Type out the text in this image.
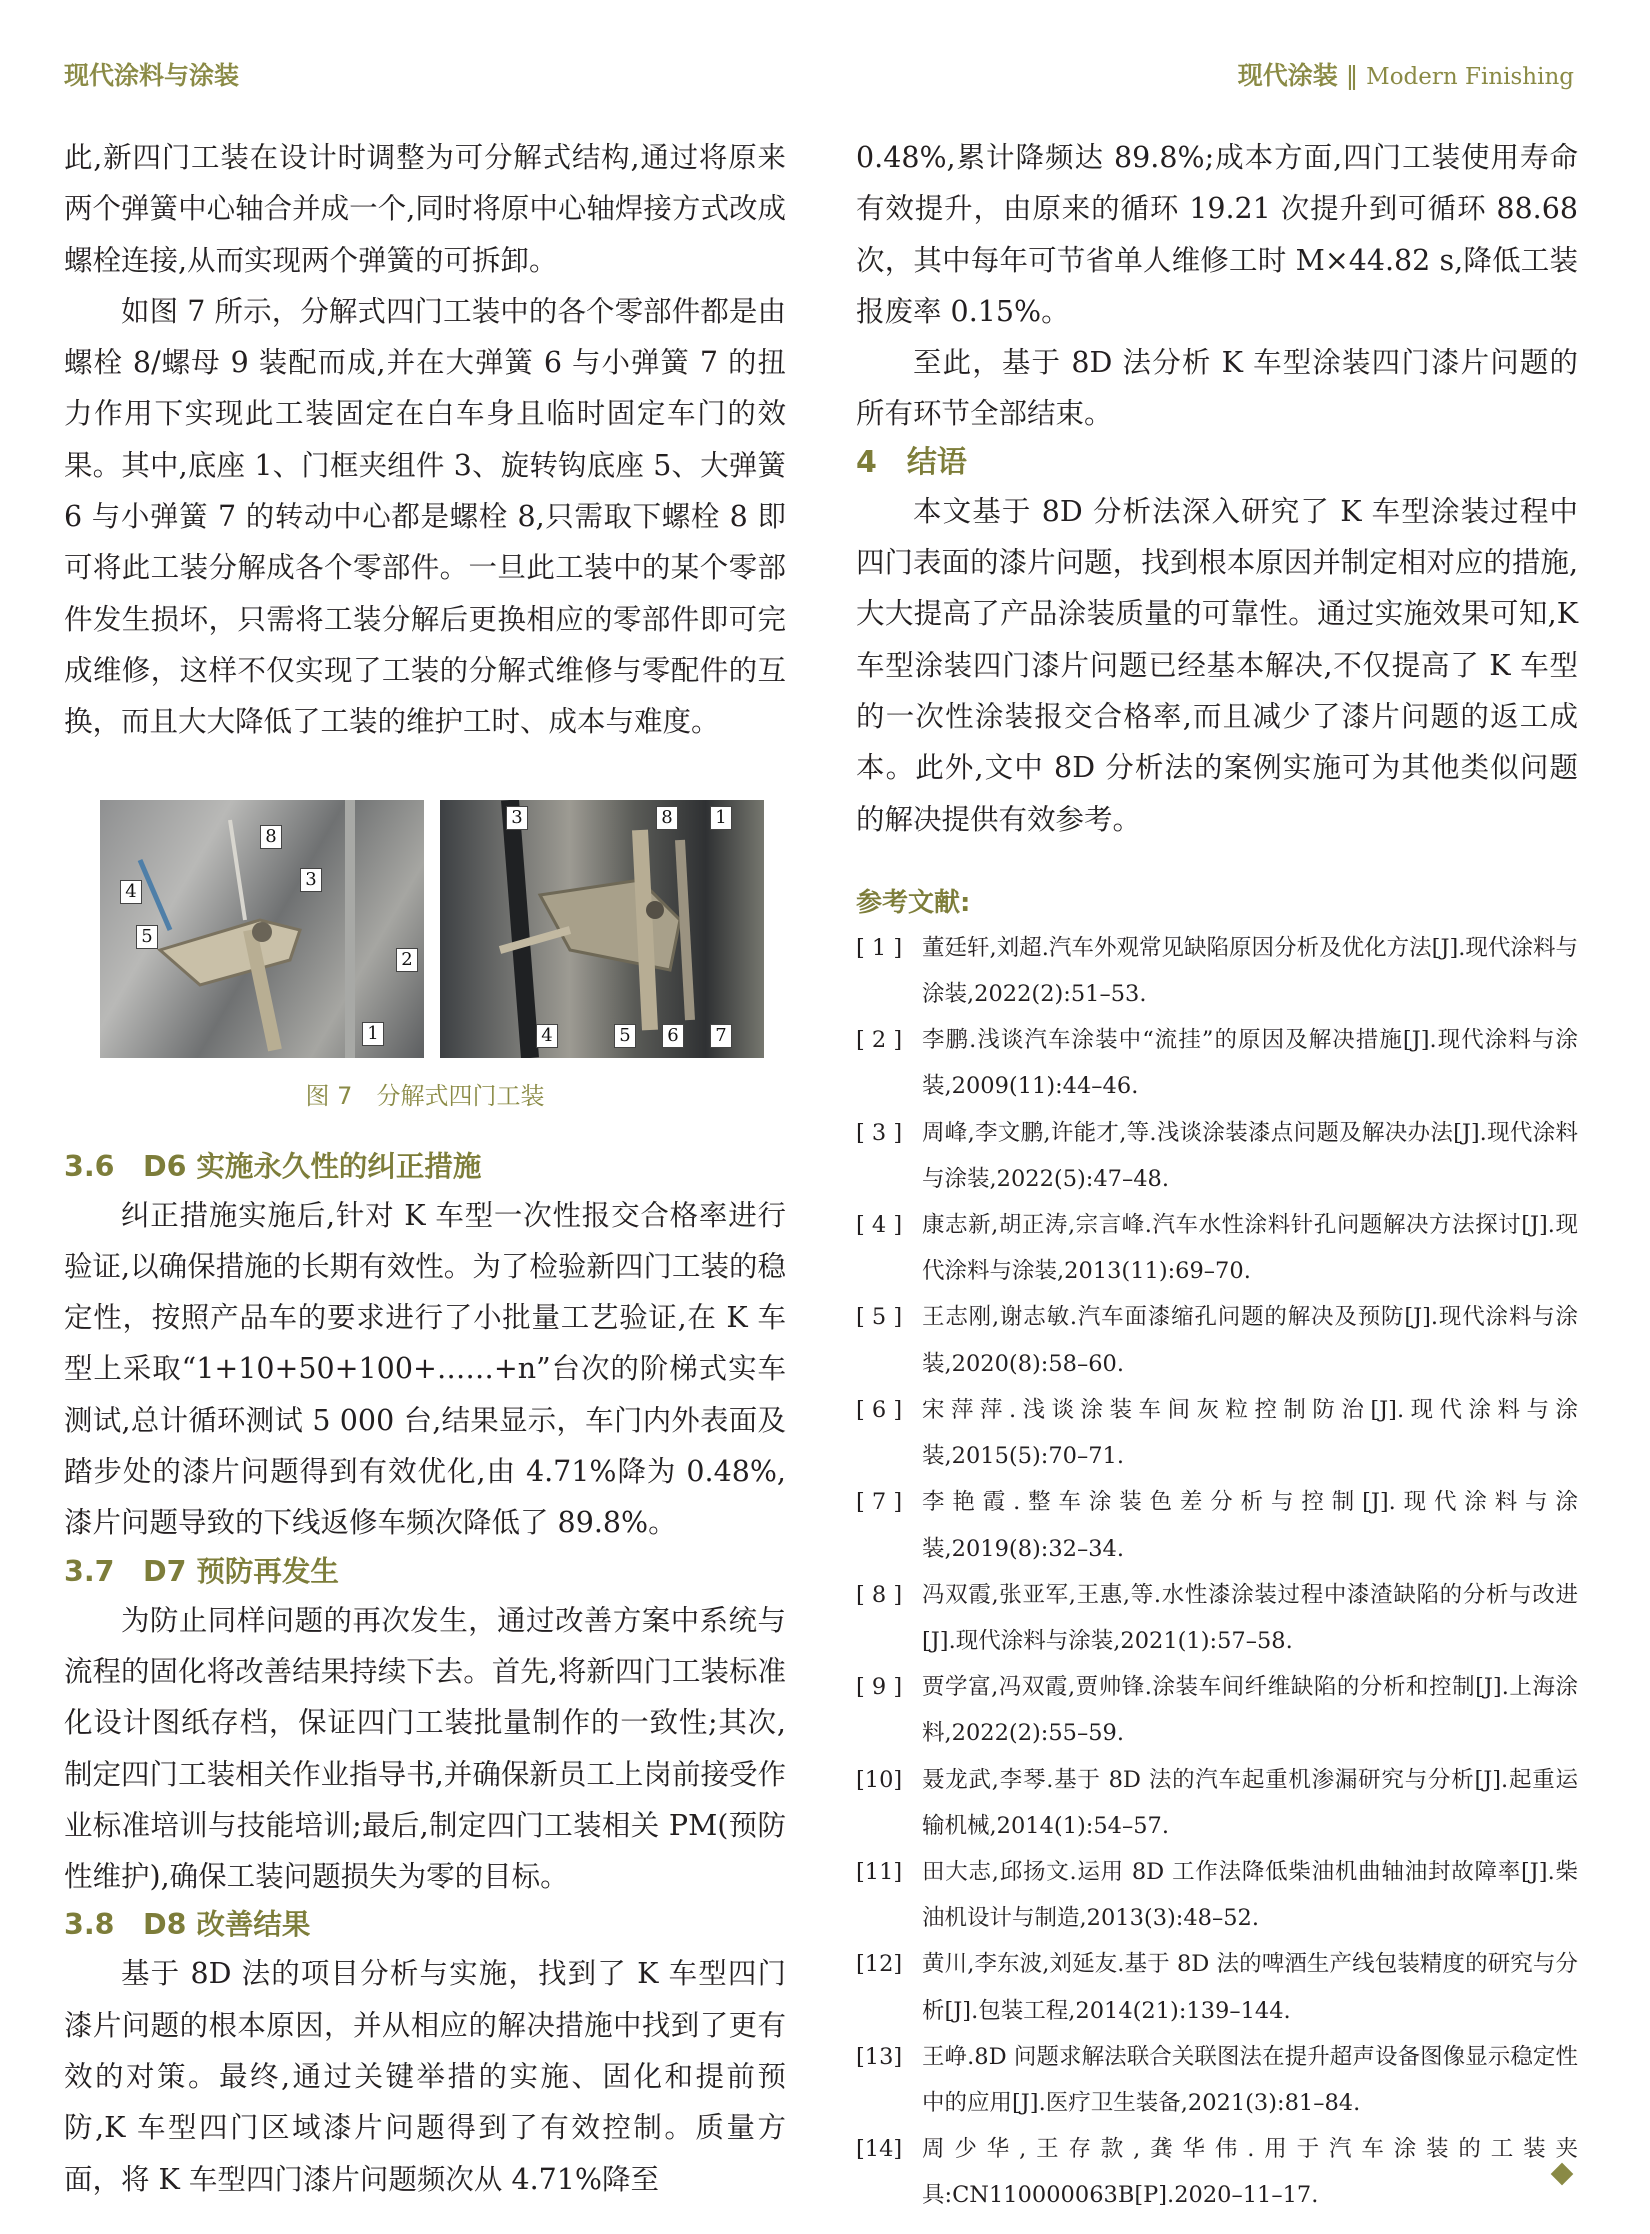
现代涂料与涂装	现代涂装 ‖ Modern Finishing

此,新四门工装在设计时调整为可分解式结构,通过将原来两个弹簧中心轴合并成一个,同时将原中心轴焊接方式改成螺栓连接,从而实现两个弹簧的可拆卸。

如图 7 所示，分解式四门工装中的各个零部件都是由螺栓 8/螺母 9 装配而成,并在大弹簧 6 与小弹簧 7 的扭力作用下实现此工装固定在白车身且临时固定车门的效果。其中,底座 1、门框夹组件 3、旋转钩底座 5、大弹簧 6 与小弹簧 7 的转动中心都是螺栓 8,只需取下螺栓 8 即可将此工装分解成各个零部件。一旦此工装中的某个零部件发生损坏，只需将工装分解后更换相应的零部件即可完成维修，这样不仅实现了工装的分解式维修与零配件的互换，而且大大降低了工装的维护工时、成本与难度。

8
3
4
5
2
1
3	8 1
4	5 6 7
图 7　分解式四门工装
3.6　D6 实施永久性的纠正措施

纠正措施实施后,针对 K 车型一次性报交合格率进行验证,以确保措施的长期有效性。为了检验新四门工装的稳定性，按照产品车的要求进行了小批量工艺验证,在 K 车型上采取“1+10+50+100+……+n”台次的阶梯式实车测试,总计循环测试 5 000 台,结果显示，车门内外表面及踏步处的漆片问题得到有效优化,由 4.71%降为 0.48%,漆片问题导致的下线返修车频次降低了 89.8%。

3.7　D7 预防再发生

为防止同样问题的再次发生，通过改善方案中系统与流程的固化将改善结果持续下去。首先,将新四门工装标准化设计图纸存档，保证四门工装批量制作的一致性;其次,制定四门工装相关作业指导书,并确保新员工上岗前接受作业标准培训与技能培训;最后,制定四门工装相关 PM(预防性维护),确保工装问题损失为零的目标。

3.8　D8 改善结果

基于 8D 法的项目分析与实施，找到了 K 车型四门漆片问题的根本原因，并从相应的解决措施中找到了更有效的对策。最终,通过关键举措的实施、固化和提前预防,K 车型四门区域漆片问题得到了有效控制。质量方面，将 K 车型四门漆片问题频次从 4.71%降至

0.48%,累计降频达 89.8%;成本方面,四门工装使用寿命有效提升，由原来的循环 19.21 次提升到可循环 88.68 次，其中每年可节省单人维修工时 M×44.82 s,降低工装报废率 0.15%。

至此，基于 8D 法分析 K 车型涂装四门漆片问题的所有环节全部结束。

4　结语

本文基于 8D 分析法深入研究了 K 车型涂装过程中四门表面的漆片问题，找到根本原因并制定相对应的措施,大大提高了产品涂装质量的可靠性。通过实施效果可知,K 车型涂装四门漆片问题已经基本解决,不仅提高了 K 车型的一次性涂装报交合格率,而且减少了漆片问题的返工成本。此外,文中 8D 分析法的案例实施可为其他类似问题的解决提供有效参考。

参考文献:
[ 1 ] 董廷轩,刘超.汽车外观常见缺陷原因分析及优化方法[J].现代涂料与涂装,2022(2):51–53.
[ 2 ] 李鹏.浅谈汽车涂装中“流挂”的原因及解决措施[J].现代涂料与涂装,2009(11):44–46.
[ 3 ] 周峰,李文鹏,许能才,等.浅谈涂装漆点问题及解决办法[J].现代涂料与涂装,2022(5):47–48.
[ 4 ] 康志新,胡正涛,宗言峰.汽车水性涂料针孔问题解决方法探讨[J].现代涂料与涂装,2013(11):69–70.
[ 5 ] 王志刚,谢志敏.汽车面漆缩孔问题的解决及预防[J].现代涂料与涂装,2020(8):58–60.
[ 6 ] 宋萍萍.浅谈涂装车间灰粒控制防治[J].现代涂料与涂装,2015(5):70–71.
[ 7 ] 李艳霞.整车涂装色差分析与控制[J].现代涂料与涂装,2019(8):32–34.
[ 8 ] 冯双霞,张亚军,王惠,等.水性漆涂装过程中漆渣缺陷的分析与改进[J].现代涂料与涂装,2021(1):57–58.
[ 9 ] 贾学富,冯双霞,贾帅锋.涂装车间纤维缺陷的分析和控制[J].上海涂料,2022(2):55–59.
[10] 聂龙武,李琴.基于 8D 法的汽车起重机渗漏研究与分析[J].起重运输机械,2014(1):54–57.
[11] 田大志,邱扬文.运用 8D 工作法降低柴油机曲轴油封故障率[J].柴油机设计与制造,2013(3):48–52.
[12] 黄川,李东波,刘延友.基于 8D 法的啤酒生产线包装精度的研究与分析[J].包装工程,2014(21):139–144.
[13] 王峥.8D 问题求解法联合关联图法在提升超声设备图像显示稳定性中的应用[J].医疗卫生装备,2021(3):81–84.
[14] 周少华,王存款,龚华伟.用于汽车涂装的工装夹具:CN110000063B[P].2020–11–17.
